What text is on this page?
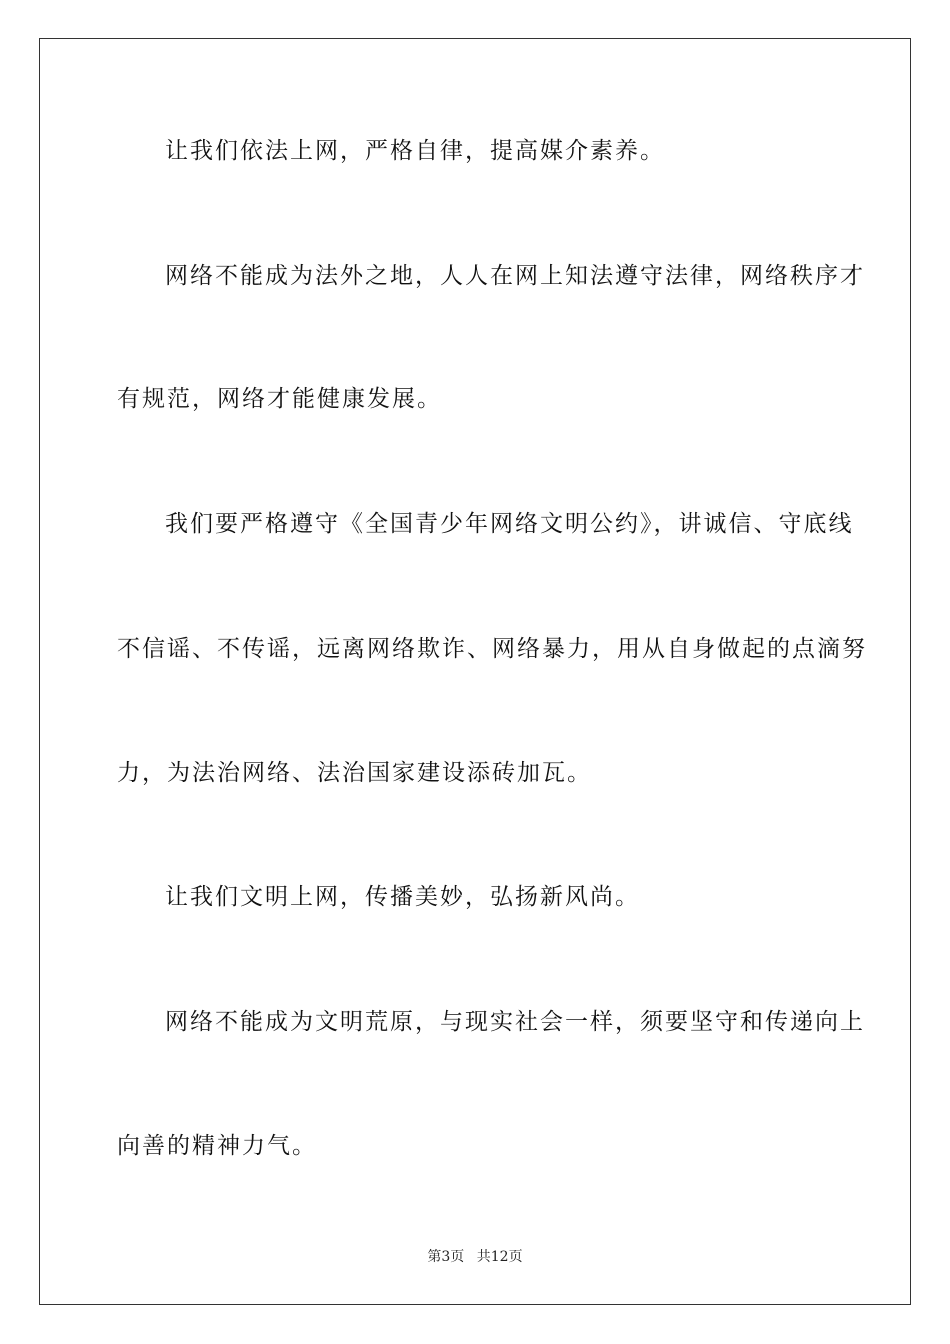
让我们依法上网，严格自律，提高媒介素养。
网络不能成为法外之地，人人在网上知法遵守法律，网络秩序才
有规范，网络才能健康发展。
我们要严格遵守《全国青少年网络文明公约》，讲诚信、守底线
不信谣、不传谣，远离网络欺诈、网络暴力，用从自身做起的点滴努
力，为法治网络、法治国家建设添砖加瓦。
让我们文明上网，传播美妙，弘扬新风尚。
网络不能成为文明荒原，与现实社会一样，须要坚守和传递向上
向善的精神力气。
第3页 共12页
